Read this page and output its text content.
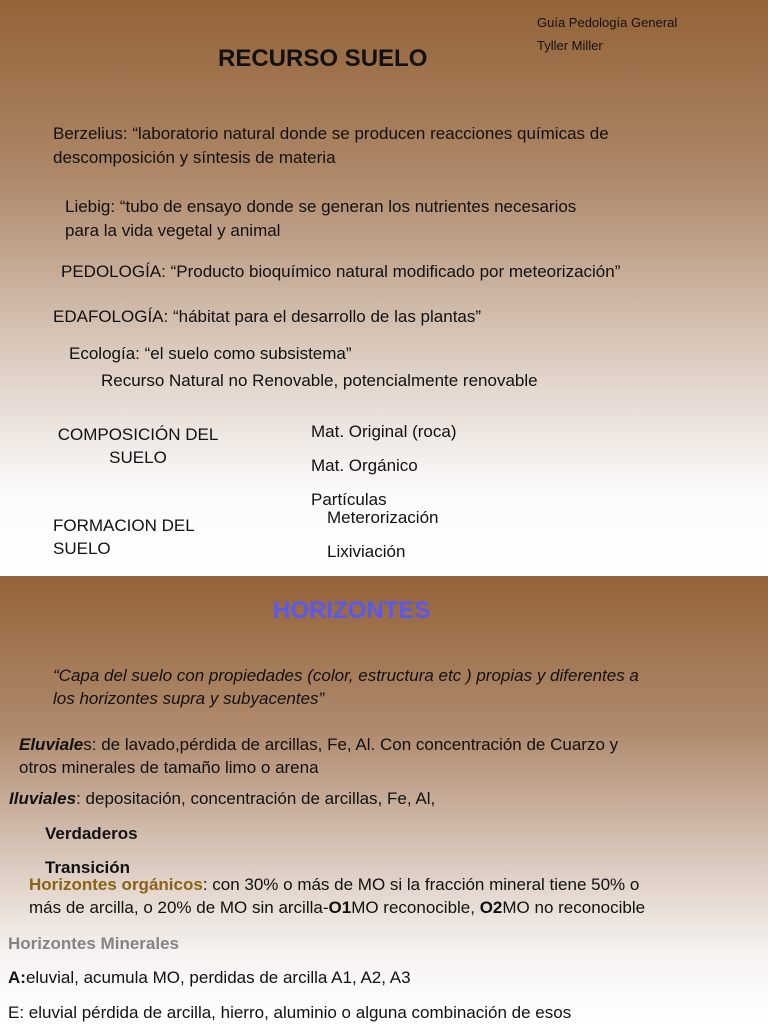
Guía Pedología General
Tyller Miller
RECURSO SUELO
Berzelius: “laboratorio natural donde se producen reacciones químicas de
descomposición y síntesis de materia
Liebig: “tubo de ensayo donde se generan los nutrientes necesarios
para la vida vegetal y animal
PEDOLOGÍA: “Producto bioquímico natural modificado por meteorización”
EDAFOLOGÍA: “hábitat para el desarrollo de las plantas”
Ecología: “el suelo como subsistema”
Recurso Natural no Renovable, potencialmente renovable
COMPOSICIÓN DEL
SUELO
Mat. Original (roca)
Mat. Orgánico
Partículas
FORMACION DEL
SUELO
Meterorización
Lixiviación
HORIZONTES
“Capa del suelo con propiedades (color, estructura etc ) propias y diferentes a
los horizontes supra y subyacentes”
Eluviales: de lavado,pérdida de arcillas, Fe, Al. Con concentración de Cuarzo y
otros minerales de tamaño limo o arena
Iluviales: depositación, concentración de arcillas, Fe, Al,
Verdaderos
Transición
Horizontes orgánicos: con 30% o más de MO si la fracción mineral tiene 50% o
más de arcilla, o 20% de MO sin arcilla-O1MO reconocible, O2MO no reconocible
Horizontes Minerales
A:eluvial, acumula MO, perdidas de arcilla A1, A2, A3
E: eluvial pérdida de arcilla, hierro, aluminio o alguna combinación de esos
